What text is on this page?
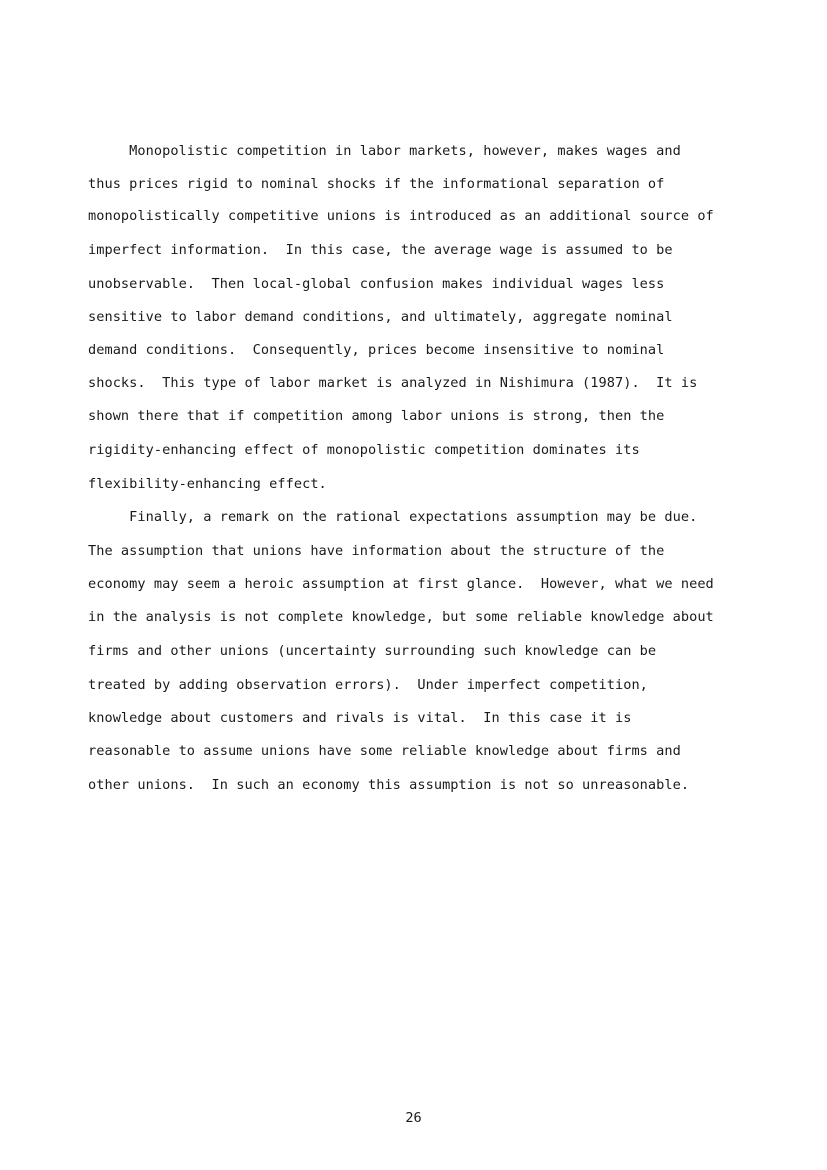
Monopolistic competition in labor markets, however, makes wages and
thus prices rigid to nominal shocks if the informational separation of
monopolistically competitive unions is introduced as an additional source of
imperfect information.  In this case, the average wage is assumed to be
unobservable.  Then local-global confusion makes individual wages less
sensitive to labor demand conditions, and ultimately, aggregate nominal
demand conditions.  Consequently, prices become insensitive to nominal
shocks.  This type of labor market is analyzed in Nishimura (1987).  It is
shown there that if competition among labor unions is strong, then the
rigidity-enhancing effect of monopolistic competition dominates its
flexibility-enhancing effect.
Finally, a remark on the rational expectations assumption may be due.
The assumption that unions have information about the structure of the
economy may seem a heroic assumption at first glance.  However, what we need
in the analysis is not complete knowledge, but some reliable knowledge about
firms and other unions (uncertainty surrounding such knowledge can be
treated by adding observation errors).  Under imperfect competition,
knowledge about customers and rivals is vital.  In this case it is
reasonable to assume unions have some reliable knowledge about firms and
other unions.  In such an economy this assumption is not so unreasonable.
26
